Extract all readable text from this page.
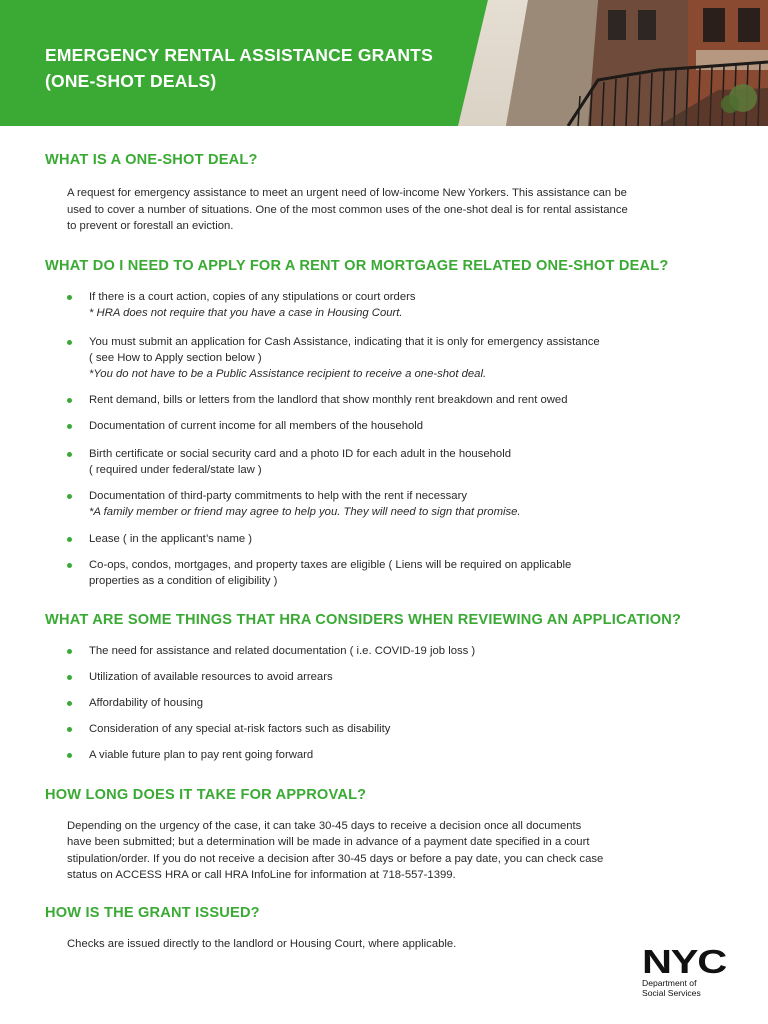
EMERGENCY RENTAL ASSISTANCE GRANTS
(ONE-SHOT DEALS)
WHAT IS A ONE-SHOT DEAL?

A request for emergency assistance to meet an urgent need of low-income New Yorkers. This assistance can be
used to cover a number of situations. One of the most common uses of the one-shot deal is for rental assistance
to prevent or forestall an eviction.

WHAT DO I NEED TO APPLY FOR A RENT OR MORTGAGE RELATED ONE-SHOT DEAL?
If there is a court action, copies of any stipulations or court orders
* HRA does not require that you have a case in Housing Court.
You must submit an application for Cash Assistance, indicating that it is only for emergency assistance
( see How to Apply section below )
*You do not have to be a Public Assistance recipient to receive a one-shot deal.
Rent demand, bills or letters from the landlord that show monthly rent breakdown and rent owed
Documentation of current income for all members of the household
Birth certificate or social security card and a photo ID for each adult in the household
( required under federal/state law )
Documentation of third-party commitments to help with the rent if necessary
*A family member or friend may agree to help you. They will need to sign that promise.
Lease ( in the applicant’s name )
Co-ops, condos, mortgages, and property taxes are eligible ( Liens will be required on applicable
properties as a condition of eligibility )
WHAT ARE SOME THINGS THAT HRA CONSIDERS WHEN REVIEWING AN APPLICATION?
The need for assistance and related documentation ( i.e. COVID-19 job loss )
Utilization of available resources to avoid arrears
Affordability of housing
Consideration of any special at-risk factors such as disability
A viable future plan to pay rent going forward
HOW LONG DOES IT TAKE FOR APPROVAL?

Depending on the urgency of the case, it can take 30-45 days to receive a decision once all documents
have been submitted; but a determination will be made in advance of a payment date specified in a court
stipulation/order. If you do not receive a decision after 30-45 days or before a pay date, you can check case
status on ACCESS HRA or call HRA InfoLine for information at 718-557-1399.

HOW IS THE GRANT ISSUED?

Checks are issued directly to the landlord or Housing Court, where applicable.	NYC
Department of
Social Services
